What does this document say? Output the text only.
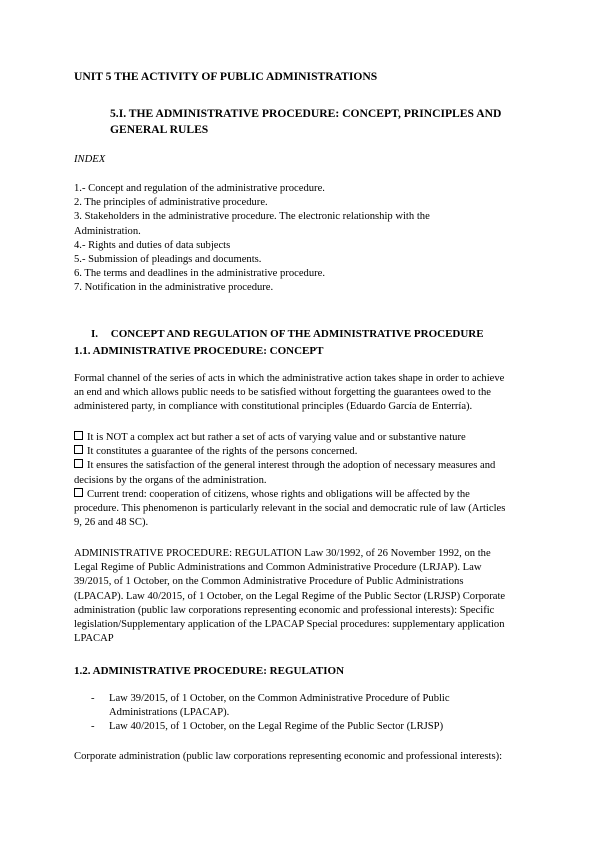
UNIT 5 THE ACTIVITY OF PUBLIC ADMINISTRATIONS
5.I. THE ADMINISTRATIVE PROCEDURE: CONCEPT, PRINCIPLES AND
GENERAL RULES
INDEX
1.- Concept and regulation of the administrative procedure.
2. The principles of administrative procedure.
3. Stakeholders in the administrative procedure. The electronic relationship with the
Administration.
4.- Rights and duties of data subjects
5.- Submission of pleadings and documents.
6. The terms and deadlines in the administrative procedure.
7. Notification in the administrative procedure.
I. CONCEPT AND REGULATION OF THE ADMINISTRATIVE PROCEDURE
1.1. ADMINISTRATIVE PROCEDURE: CONCEPT
Formal channel of the series of acts in which the administrative action takes shape in order to achieve
an end and which allows public needs to be satisfied without forgetting the guarantees owed to the
administered party, in compliance with constitutional principles (Eduardo García de Enterría).
It is NOT a complex act but rather a set of acts of varying value and or substantive nature
It constitutes a guarantee of the rights of the persons concerned.
It ensures the satisfaction of the general interest through the adoption of necessary measures and
decisions by the organs of the administration.
Current trend: cooperation of citizens, whose rights and obligations will be affected by the
procedure. This phenomenon is particularly relevant in the social and democratic rule of law (Articles
9, 26 and 48 SC).
ADMINISTRATIVE PROCEDURE: REGULATION Law 30/1992, of 26 November 1992, on the
Legal Regime of Public Administrations and Common Administrative Procedure (LRJAP). Law
39/2015, of 1 October, on the Common Administrative Procedure of Public Administrations
(LPACAP). Law 40/2015, of 1 October, on the Legal Regime of the Public Sector (LRJSP) Corporate
administration (public law corporations representing economic and professional interests): Specific
legislation/Supplementary application of the LPACAP Special procedures: supplementary application
LPACAP
1.2. ADMINISTRATIVE PROCEDURE: REGULATION
- Law 39/2015, of 1 October, on the Common Administrative Procedure of Public
Administrations (LPACAP).
- Law 40/2015, of 1 October, on the Legal Regime of the Public Sector (LRJSP)
Corporate administration (public law corporations representing economic and professional interests):
